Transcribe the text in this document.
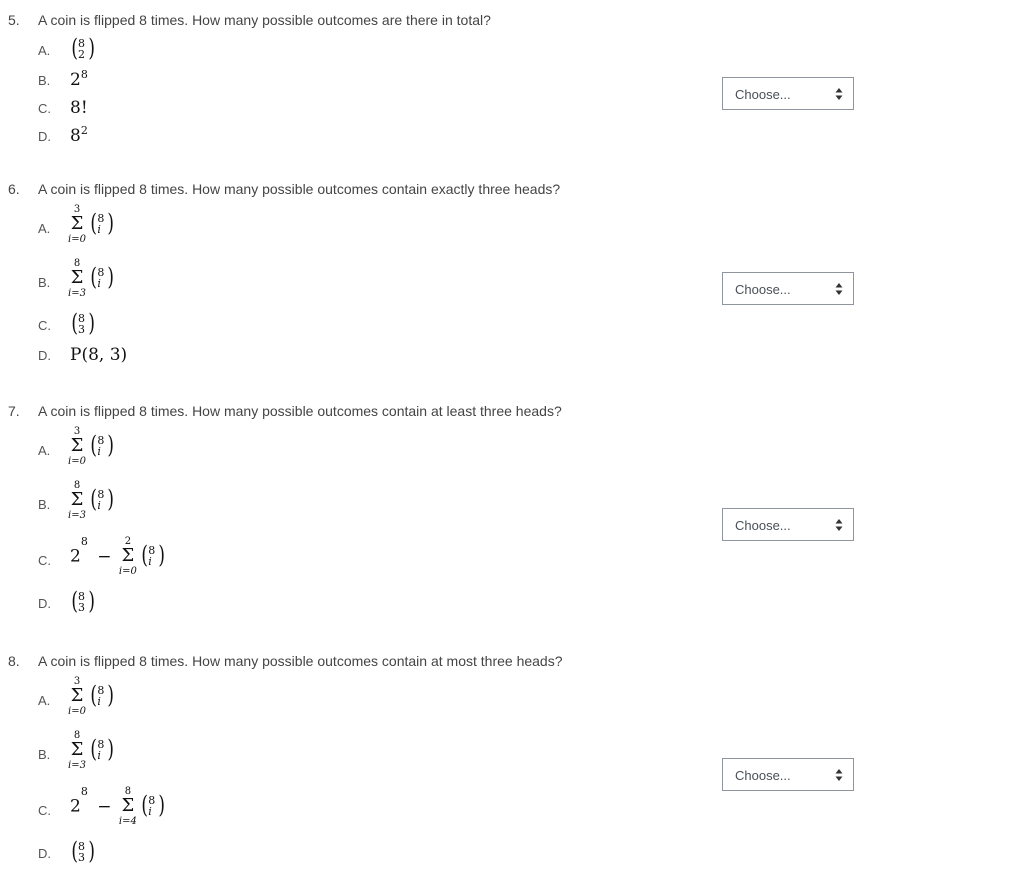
5. A coin is flipped 8 times. How many possible outcomes are there in total?
A. ( 8
2 )
B. $2^8$
C. 8!
D. $8^2$
Choose...
6. A coin is flipped 8 times. How many possible outcomes contain exactly three heads?
A.
3
Σ
i=0

( 8
i )
B.
8
Σ
i=3

( 8
i )
C. ( 8
3 )
D. P(8, 3)
Choose...
7. A coin is flipped 8 times. How many possible outcomes contain at least three heads?
A.
3
Σ
i=0

( 8
i )
B.
8
Σ
i=3

( 8
i )
C. $2^8$ −
2
Σ
i=0

( 8
i )
D. ( 8
3 )
Choose...
8. A coin is flipped 8 times. How many possible outcomes contain at most three heads?
A.
3
Σ
i=0

( 8
i )
B.
8
Σ
i=3

( 8
i )
C. $2^8$ −
8
Σ
i=4

( 8
i )
D. ( 8
3 )
Choose...
